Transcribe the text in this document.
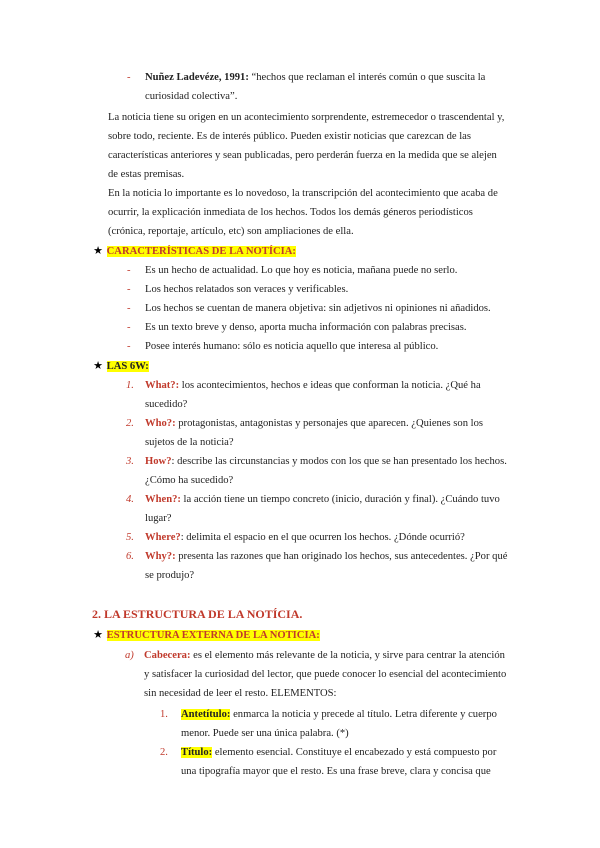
- Nuñez Ladevéze, 1991: “hechos que reclaman el interés común o que suscita la
curiosidad colectiva”.
La noticia tiene su origen en un acontecimiento sorprendente, estremecedor o trascendental y,
sobre todo, reciente. Es de interés público. Pueden existir noticias que carezcan de las
características anteriores y sean publicadas, pero perderán fuerza en la medida que se alejen
de estas premisas.
En la noticia lo importante es lo novedoso, la transcripción del acontecimiento que acaba de
ocurrir, la explicación inmediata de los hechos. Todos los demás géneros periodísticos
(crónica, reportaje, artículo, etc) son ampliaciones de ella.
★ CARACTERÍSTICAS DE LA NOTÍCIA:
- Es un hecho de actualidad. Lo que hoy es noticia, mañana puede no serlo.
- Los hechos relatados son veraces y verificables.
- Los hechos se cuentan de manera objetiva: sin adjetivos ni opiniones ni añadidos.
- Es un texto breve y denso, aporta mucha información con palabras precisas.
- Posee interés humano: sólo es noticia aquello que interesa al público.
★ LAS 6W:
1. What?: los acontecimientos, hechos e ideas que conforman la noticia. ¿Qué ha
sucedido?
2. Who?: protagonistas, antagonistas y personajes que aparecen. ¿Quienes son los
sujetos de la noticia?
3. How?: describe las circunstancias y modos con los que se han presentado los hechos.
¿Cómo ha sucedido?
4. When?: la acción tiene un tiempo concreto (inicio, duración y final). ¿Cuándo tuvo
lugar?
5. Where?: delimita el espacio en el que ocurren los hechos. ¿Dónde ocurrió?
6. Why?: presenta las razones que han originado los hechos, sus antecedentes. ¿Por qué
se produjo?
2. LA ESTRUCTURA DE LA NOTÍCIA.
★ ESTRUCTURA EXTERNA DE LA NOTICIA:
a) Cabecera: es el elemento más relevante de la noticia, y sirve para centrar la atención
y satisfacer la curiosidad del lector, que puede conocer lo esencial del acontecimiento
sin necesidad de leer el resto. ELEMENTOS:
1. Antetítulo: enmarca la noticia y precede al título. Letra diferente y cuerpo
menor. Puede ser una única palabra. (*)
2. Título: elemento esencial. Constituye el encabezado y está compuesto por
una tipografía mayor que el resto. Es una frase breve, clara y concisa que
